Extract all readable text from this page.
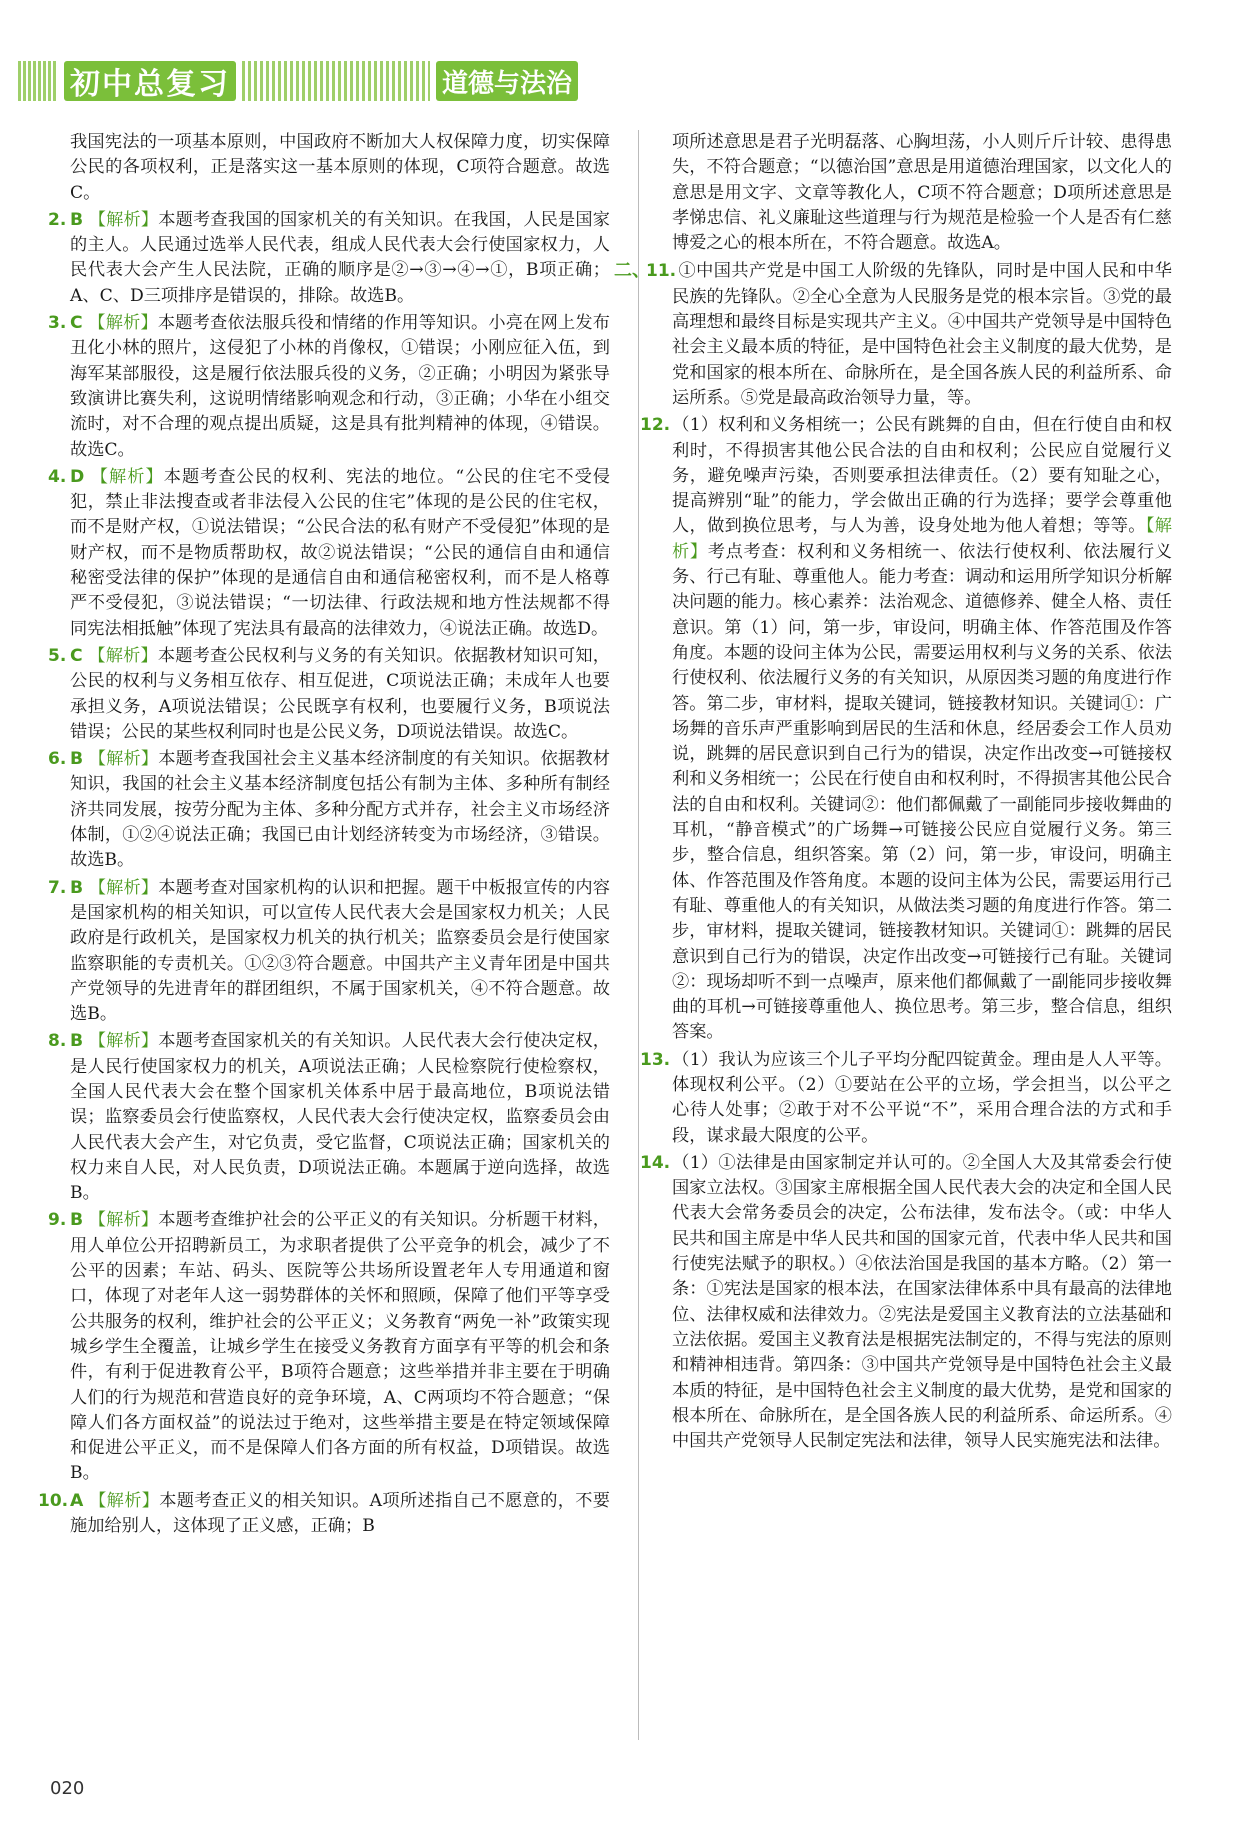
初中总复习	道德与法治

我国宪法的一项基本原则，中国政府不断加大人权保障力度，切实保障公民的各项权利，正是落实这一基本原则的体现，C项符合题意。故选C。

2. B 【解析】本题考查我国的国家机关的有关知识。在我国，人民是国家的主人。人民通过选举人民代表，组成人民代表大会行使国家权力，人民代表大会产生人民法院，正确的顺序是②→③→④→①，B项正确；A、C、D三项排序是错误的，排除。故选B。

3. C 【解析】本题考查依法服兵役和情绪的作用等知识。小亮在网上发布丑化小林的照片，这侵犯了小林的肖像权，①错误；小刚应征入伍，到海军某部服役，这是履行依法服兵役的义务，②正确；小明因为紧张导致演讲比赛失利，这说明情绪影响观念和行动，③正确；小华在小组交流时，对不合理的观点提出质疑，这是具有批判精神的体现，④错误。故选C。

4. D 【解析】本题考查公民的权利、宪法的地位。“公民的住宅不受侵犯，禁止非法搜查或者非法侵入公民的住宅”体现的是公民的住宅权，而不是财产权，①说法错误；“公民合法的私有财产不受侵犯”体现的是财产权，而不是物质帮助权，故②说法错误；“公民的通信自由和通信秘密受法律的保护”体现的是通信自由和通信秘密权利，而不是人格尊严不受侵犯，③说法错误；“一切法律、行政法规和地方性法规都不得同宪法相抵触”体现了宪法具有最高的法律效力，④说法正确。故选D。

5. C 【解析】本题考查公民权利与义务的有关知识。依据教材知识可知，公民的权利与义务相互依存、相互促进，C项说法正确；未成年人也要承担义务，A项说法错误；公民既享有权利，也要履行义务，B项说法错误；公民的某些权利同时也是公民义务，D项说法错误。故选C。

6. B 【解析】本题考查我国社会主义基本经济制度的有关知识。依据教材知识，我国的社会主义基本经济制度包括公有制为主体、多种所有制经济共同发展，按劳分配为主体、多种分配方式并存，社会主义市场经济体制，①②④说法正确；我国已由计划经济转变为市场经济，③错误。故选B。

7. B 【解析】本题考查对国家机构的认识和把握。题干中板报宣传的内容是国家机构的相关知识，可以宣传人民代表大会是国家权力机关；人民政府是行政机关，是国家权力机关的执行机关；监察委员会是行使国家监察职能的专责机关。①②③符合题意。中国共产主义青年团是中国共产党领导的先进青年的群团组织，不属于国家机关，④不符合题意。故选B。

8. B 【解析】本题考查国家机关的有关知识。人民代表大会行使决定权，是人民行使国家权力的机关，A项说法正确；人民检察院行使检察权，全国人民代表大会在整个国家机关体系中居于最高地位，B项说法错误；监察委员会行使监察权，人民代表大会行使决定权，监察委员会由人民代表大会产生，对它负责，受它监督，C项说法正确；国家机关的权力来自人民，对人民负责，D项说法正确。本题属于逆向选择，故选B。

9. B 【解析】本题考查维护社会的公平正义的有关知识。分析题干材料，用人单位公开招聘新员工，为求职者提供了公平竞争的机会，减少了不公平的因素；车站、码头、医院等公共场所设置老年人专用通道和窗口，体现了对老年人这一弱势群体的关怀和照顾，保障了他们平等享受公共服务的权利，维护社会的公平正义；义务教育“两免一补”政策实现城乡学生全覆盖，让城乡学生在接受义务教育方面享有平等的机会和条件，有利于促进教育公平，B项符合题意；这些举措并非主要在于明确人们的行为规范和营造良好的竞争环境，A、C两项均不符合题意；“保障人们各方面权益”的说法过于绝对，这些举措主要是在特定领域保障和促进公平正义，而不是保障人们各方面的所有权益，D项错误。故选B。

10. A 【解析】本题考查正义的相关知识。A项所述指自己不愿意的，不要施加给别人，这体现了正义感，正确；B

项所述意思是君子光明磊落、心胸坦荡，小人则斤斤计较、患得患失，不符合题意；“以德治国”意思是用道德治理国家，以文化人的意思是用文字、文章等教化人，C项不符合题意；D项所述意思是孝悌忠信、礼义廉耻这些道理与行为规范是检验一个人是否有仁慈博爱之心的根本所在，不符合题意。故选A。

二、11. ①中国共产党是中国工人阶级的先锋队，同时是中国人民和中华民族的先锋队。②全心全意为人民服务是党的根本宗旨。③党的最高理想和最终目标是实现共产主义。④中国共产党领导是中国特色社会主义最本质的特征，是中国特色社会主义制度的最大优势，是党和国家的根本所在、命脉所在，是全国各族人民的利益所系、命运所系。⑤党是最高政治领导力量，等。

12. （1）权利和义务相统一；公民有跳舞的自由，但在行使自由和权利时，不得损害其他公民合法的自由和权利；公民应自觉履行义务，避免噪声污染，否则要承担法律责任。（2）要有知耻之心，提高辨别“耻”的能力，学会做出正确的行为选择；要学会尊重他人，做到换位思考，与人为善，设身处地为他人着想；等等。【解析】考点考查：权利和义务相统一、依法行使权利、依法履行义务、行己有耻、尊重他人。能力考查：调动和运用所学知识分析解决问题的能力。核心素养：法治观念、道德修养、健全人格、责任意识。第（1）问，第一步，审设问，明确主体、作答范围及作答角度。本题的设问主体为公民，需要运用权利与义务的关系、依法行使权利、依法履行义务的有关知识，从原因类习题的角度进行作答。第二步，审材料，提取关键词，链接教材知识。关键词①：广场舞的音乐声严重影响到居民的生活和休息，经居委会工作人员劝说，跳舞的居民意识到自己行为的错误，决定作出改变→可链接权利和义务相统一；公民在行使自由和权利时，不得损害其他公民合法的自由和权利。关键词②：他们都佩戴了一副能同步接收舞曲的耳机，“静音模式”的广场舞→可链接公民应自觉履行义务。第三步，整合信息，组织答案。第（2）问，第一步，审设问，明确主体、作答范围及作答角度。本题的设问主体为公民，需要运用行己有耻、尊重他人的有关知识，从做法类习题的角度进行作答。第二步，审材料，提取关键词，链接教材知识。关键词①：跳舞的居民意识到自己行为的错误，决定作出改变→可链接行己有耻。关键词②：现场却听不到一点噪声，原来他们都佩戴了一副能同步接收舞曲的耳机→可链接尊重他人、换位思考。第三步，整合信息，组织答案。

13. （1）我认为应该三个儿子平均分配四锭黄金。理由是人人平等。体现权利公平。（2）①要站在公平的立场，学会担当，以公平之心待人处事；②敢于对不公平说“不”，采用合理合法的方式和手段，谋求最大限度的公平。

14. （1）①法律是由国家制定并认可的。②全国人大及其常委会行使国家立法权。③国家主席根据全国人民代表大会的决定和全国人民代表大会常务委员会的决定，公布法律，发布法令。（或：中华人民共和国主席是中华人民共和国的国家元首，代表中华人民共和国行使宪法赋予的职权。）④依法治国是我国的基本方略。（2）第一条：①宪法是国家的根本法，在国家法律体系中具有最高的法律地位、法律权威和法律效力。②宪法是爱国主义教育法的立法基础和立法依据。爱国主义教育法是根据宪法制定的，不得与宪法的原则和精神相违背。第四条：③中国共产党领导是中国特色社会主义最本质的特征，是中国特色社会主义制度的最大优势，是党和国家的根本所在、命脉所在，是全国各族人民的利益所系、命运所系。④中国共产党领导人民制定宪法和法律，领导人民实施宪法和法律。

020
